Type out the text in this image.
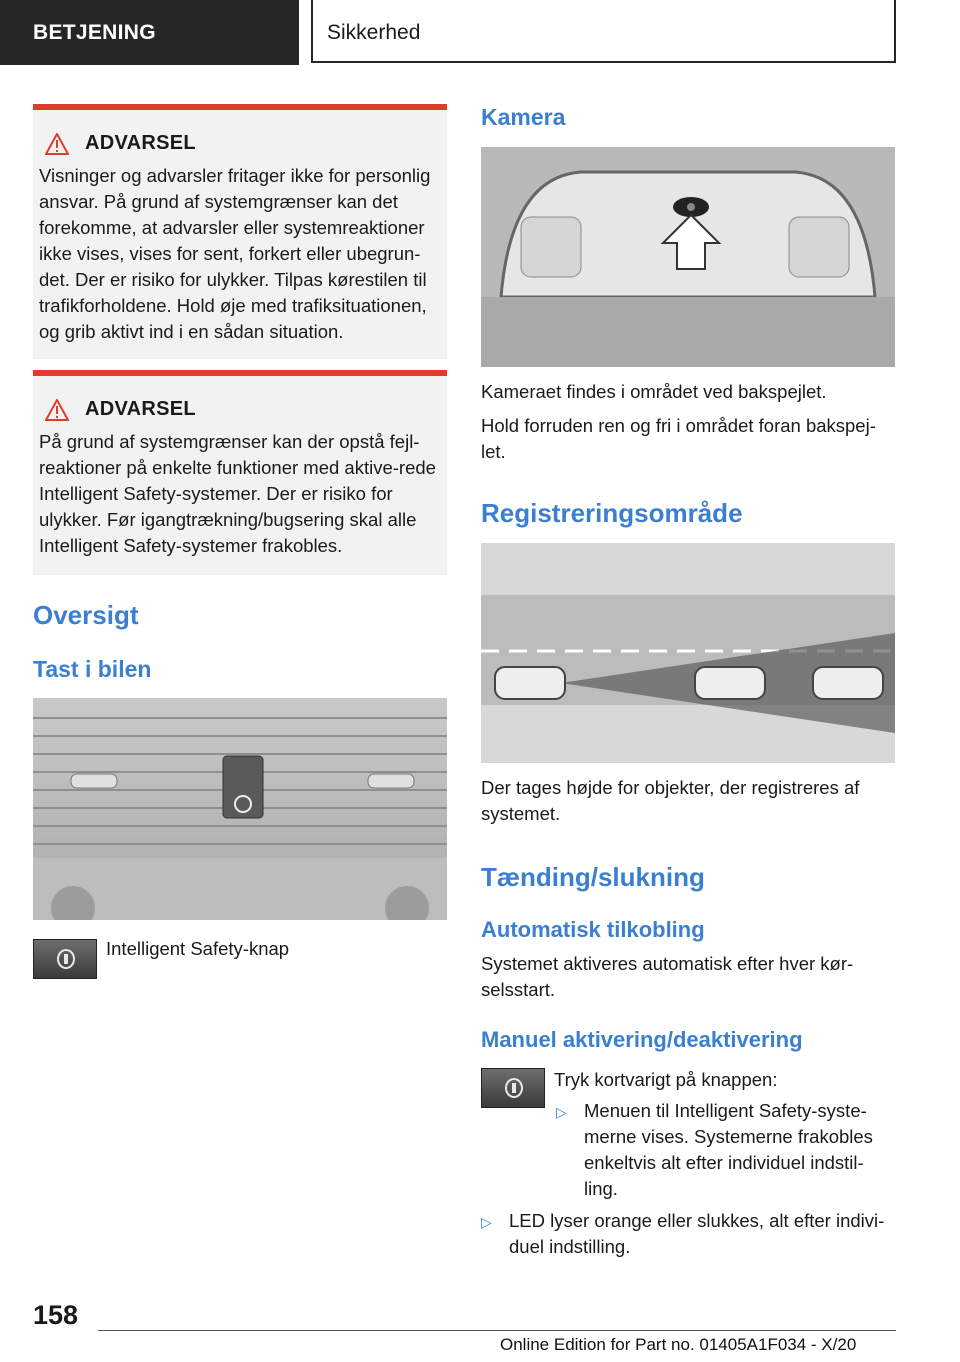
BETJENING	Sikkerhed
ADVARSEL
Visninger og advarsler fritager ikke for personlig ansvar. På grund af systemgrænser kan det forekomme, at advarsler eller systemreaktioner ikke vises, vises for sent, forkert eller ubegrun-det. Der er risiko for ulykker. Tilpas kørestilen til trafikforholdene. Hold øje med trafiksituationen, og grib aktivt ind i en sådan situation.
ADVARSEL
På grund af systemgrænser kan der opstå fejl-reaktioner på enkelte funktioner med aktive-rede Intelligent Safety-systemer. Der er risiko for ulykker. Før igangtrækning/bugsering skal alle Intelligent Safety-systemer frakobles.
Oversigt
Tast i bilen
Intelligent Safety-knap
Kamera
Kameraet findes i området ved bakspejlet.
Hold forruden ren og fri i området foran bakspej-let.
Registreringsområde
Der tages højde for objekter, der registreres af systemet.
Tænding/slukning
Automatisk tilkobling
Systemet aktiveres automatisk efter hver kør-selsstart.
Manuel aktivering/deaktivering
Tryk kortvarigt på knappen:
▷ Menuen til Intelligent Safety-syste-merne vises. Systemerne frakobles enkeltvis alt efter individuel indstil-ling.
▷ LED lyser orange eller slukkes, alt efter indivi-duel indstilling.
158
Online Edition for Part no. 01405A1F034 - X/20
